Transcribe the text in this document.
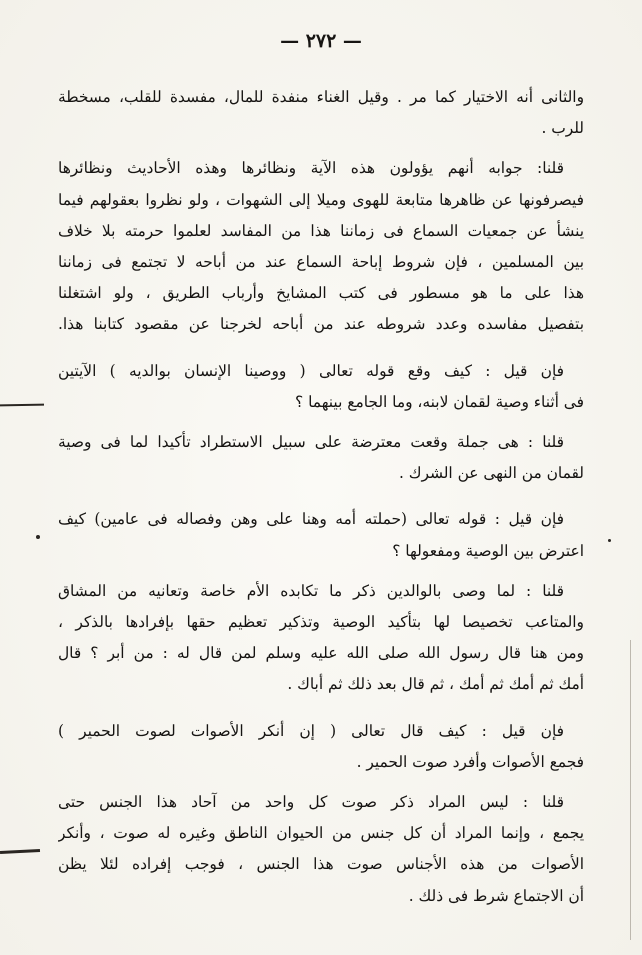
— ٢٧٢ —
والثانى أنه الاختيار كما مر . وقيل الغناء منفدة للمال، مفسدة للقلب، مسخطة
للرب .
قلنا: جوابه أنهم يؤولون هذه الآية ونظائرها وهذه الأحاديث ونظائرها
فيصرفونها عن ظاهرها متابعة للهوى وميلا إلى الشهوات ، ولو نظروا بعقولهم فيما
ينشأ عن جمعيات السماع فى زماننا هذا من المفاسد لعلموا حرمته بلا خلاف
بين المسلمين ، فإن شروط إباحة السماع عند من أباحه لا تجتمع فى زماننا
هذا على ما هو مسطور فى كتب المشايخ وأرباب الطريق ، ولو اشتغلنا
بتفصيل مفاسده وعدد شروطه عند من أباحه لخرجنا عن مقصود كتابنا هذا.
فإن قيل : كيف وقع قوله تعالى ( ووصينا الإنسان بوالديه ) الآيتين
فى أثناء وصية لقمان لابنه، وما الجامع بينهما ؟
قلنا : هى جملة وقعت معترضة على سبيل الاستطراد تأكيدا لما فى وصية
لقمان من النهى عن الشرك .
فإن قيل : قوله تعالى (حملته أمه وهنا على وهن وفصاله فى عامين) كيف
اعترض بين الوصية ومفعولها ؟
قلنا : لما وصى بالوالدين ذكر ما تكابده الأم خاصة وتعانيه من المشاق
والمتاعب تخصيصا لها بتأكيد الوصية وتذكير تعظيم حقها بإفرادها بالذكر ،
ومن هنا قال رسول الله صلى الله عليه وسلم لمن قال له : من أبر ؟ قال
أمك ثم أمك ثم أمك ، ثم قال بعد ذلك ثم أباك .
فإن قيل : كيف قال تعالى ( إن أنكر الأصوات لصوت الحمير )
فجمع الأصوات وأفرد صوت الحمير .
قلنا : ليس المراد ذكر صوت كل واحد من آحاد هذا الجنس حتى
يجمع ، وإنما المراد أن كل جنس من الحيوان الناطق وغيره له صوت ، وأنكر
الأصوات من هذه الأجناس صوت هذا الجنس ، فوجب إفراده لئلا يظن
أن الاجتماع شرط فى ذلك .
